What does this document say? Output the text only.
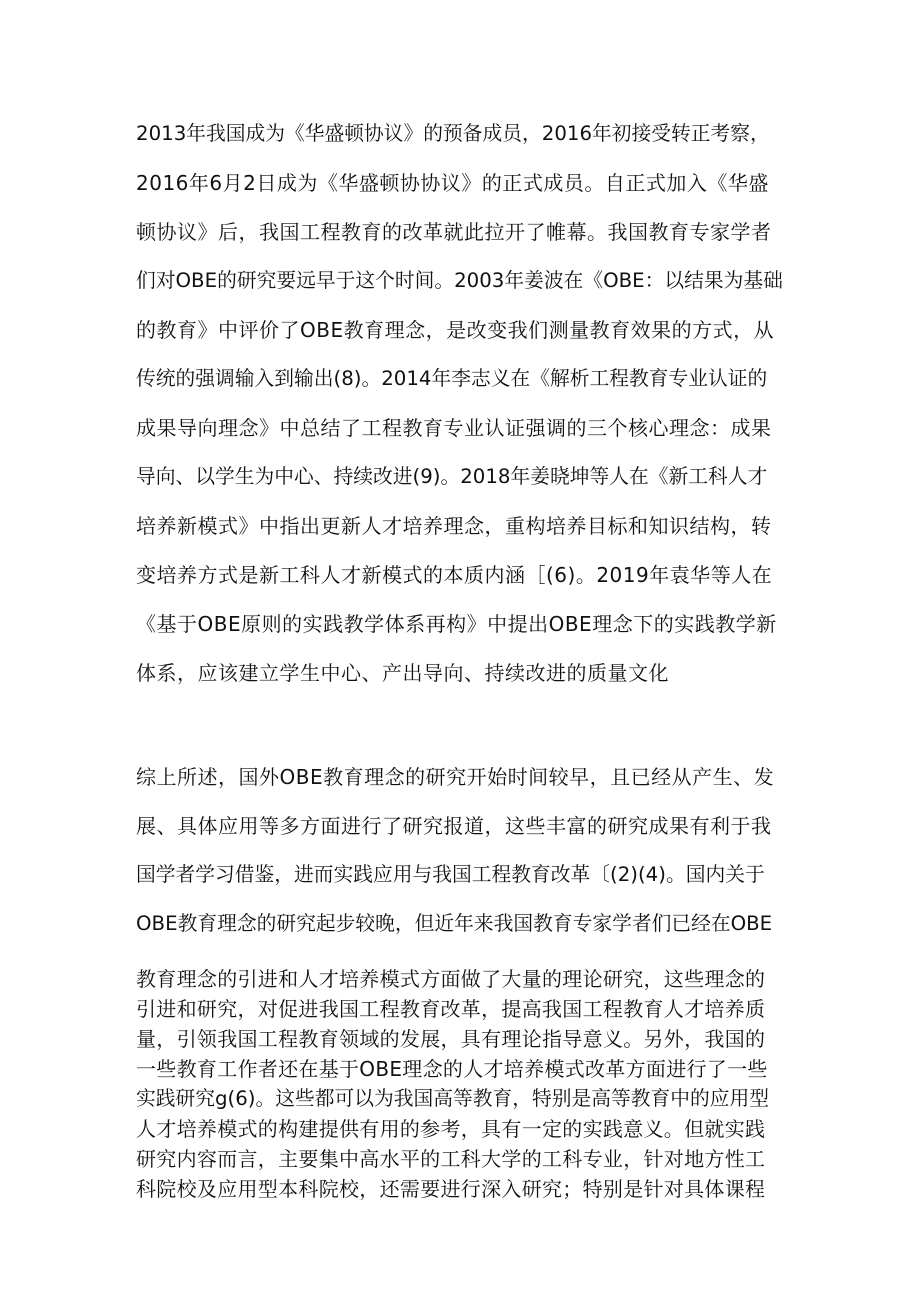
2013年我国成为《华盛顿协议》的预备成员，2016年初接受转正考察，
2016年6月2日成为《华盛顿协协议》的正式成员。自正式加入《华盛
顿协议》后，我国工程教育的改革就此拉开了帷幕。我国教育专家学者
们对OBE的研究要远早于这个时间。2003年姜波在《OBE：以结果为基础
的教育》中评价了OBE教育理念，是改变我们测量教育效果的方式，从
传统的强调输入到输出(8)。2014年李志义在《解析工程教育专业认证的
成果导向理念》中总结了工程教育专业认证强调的三个核心理念：成果
导向、以学生为中心、持续改进(9)。2018年姜晓坤等人在《新工科人才
培养新模式》中指出更新人才培养理念，重构培养目标和知识结构，转
变培养方式是新工科人才新模式的本质内涵［(6)。2019年袁华等人在
《基于OBE原则的实践教学体系再构》中提出OBE理念下的实践教学新
体系，应该建立学生中心、产出导向、持续改进的质量文化
综上所述，国外OBE教育理念的研究开始时间较早，且已经从产生、发
展、具体应用等多方面进行了研究报道，这些丰富的研究成果有利于我
国学者学习借鉴，进而实践应用与我国工程教育改革〔(2)(4)。国内关于
OBE教育理念的研究起步较晚，但近年来我国教育专家学者们已经在OBE
教育理念的引进和人才培养模式方面做了大量的理论研究，这些理念的
引进和研究，对促进我国工程教育改革，提高我国工程教育人才培养质
量，引领我国工程教育领域的发展，具有理论指导意义。另外，我国的
一些教育工作者还在基于OBE理念的人才培养模式改革方面进行了一些
实践研究g(6)。这些都可以为我国高等教育，特别是高等教育中的应用型
人才培养模式的构建提供有用的参考，具有一定的实践意义。但就实践
研究内容而言，主要集中高水平的工科大学的工科专业，针对地方性工
科院校及应用型本科院校，还需要进行深入研究；特别是针对具体课程
